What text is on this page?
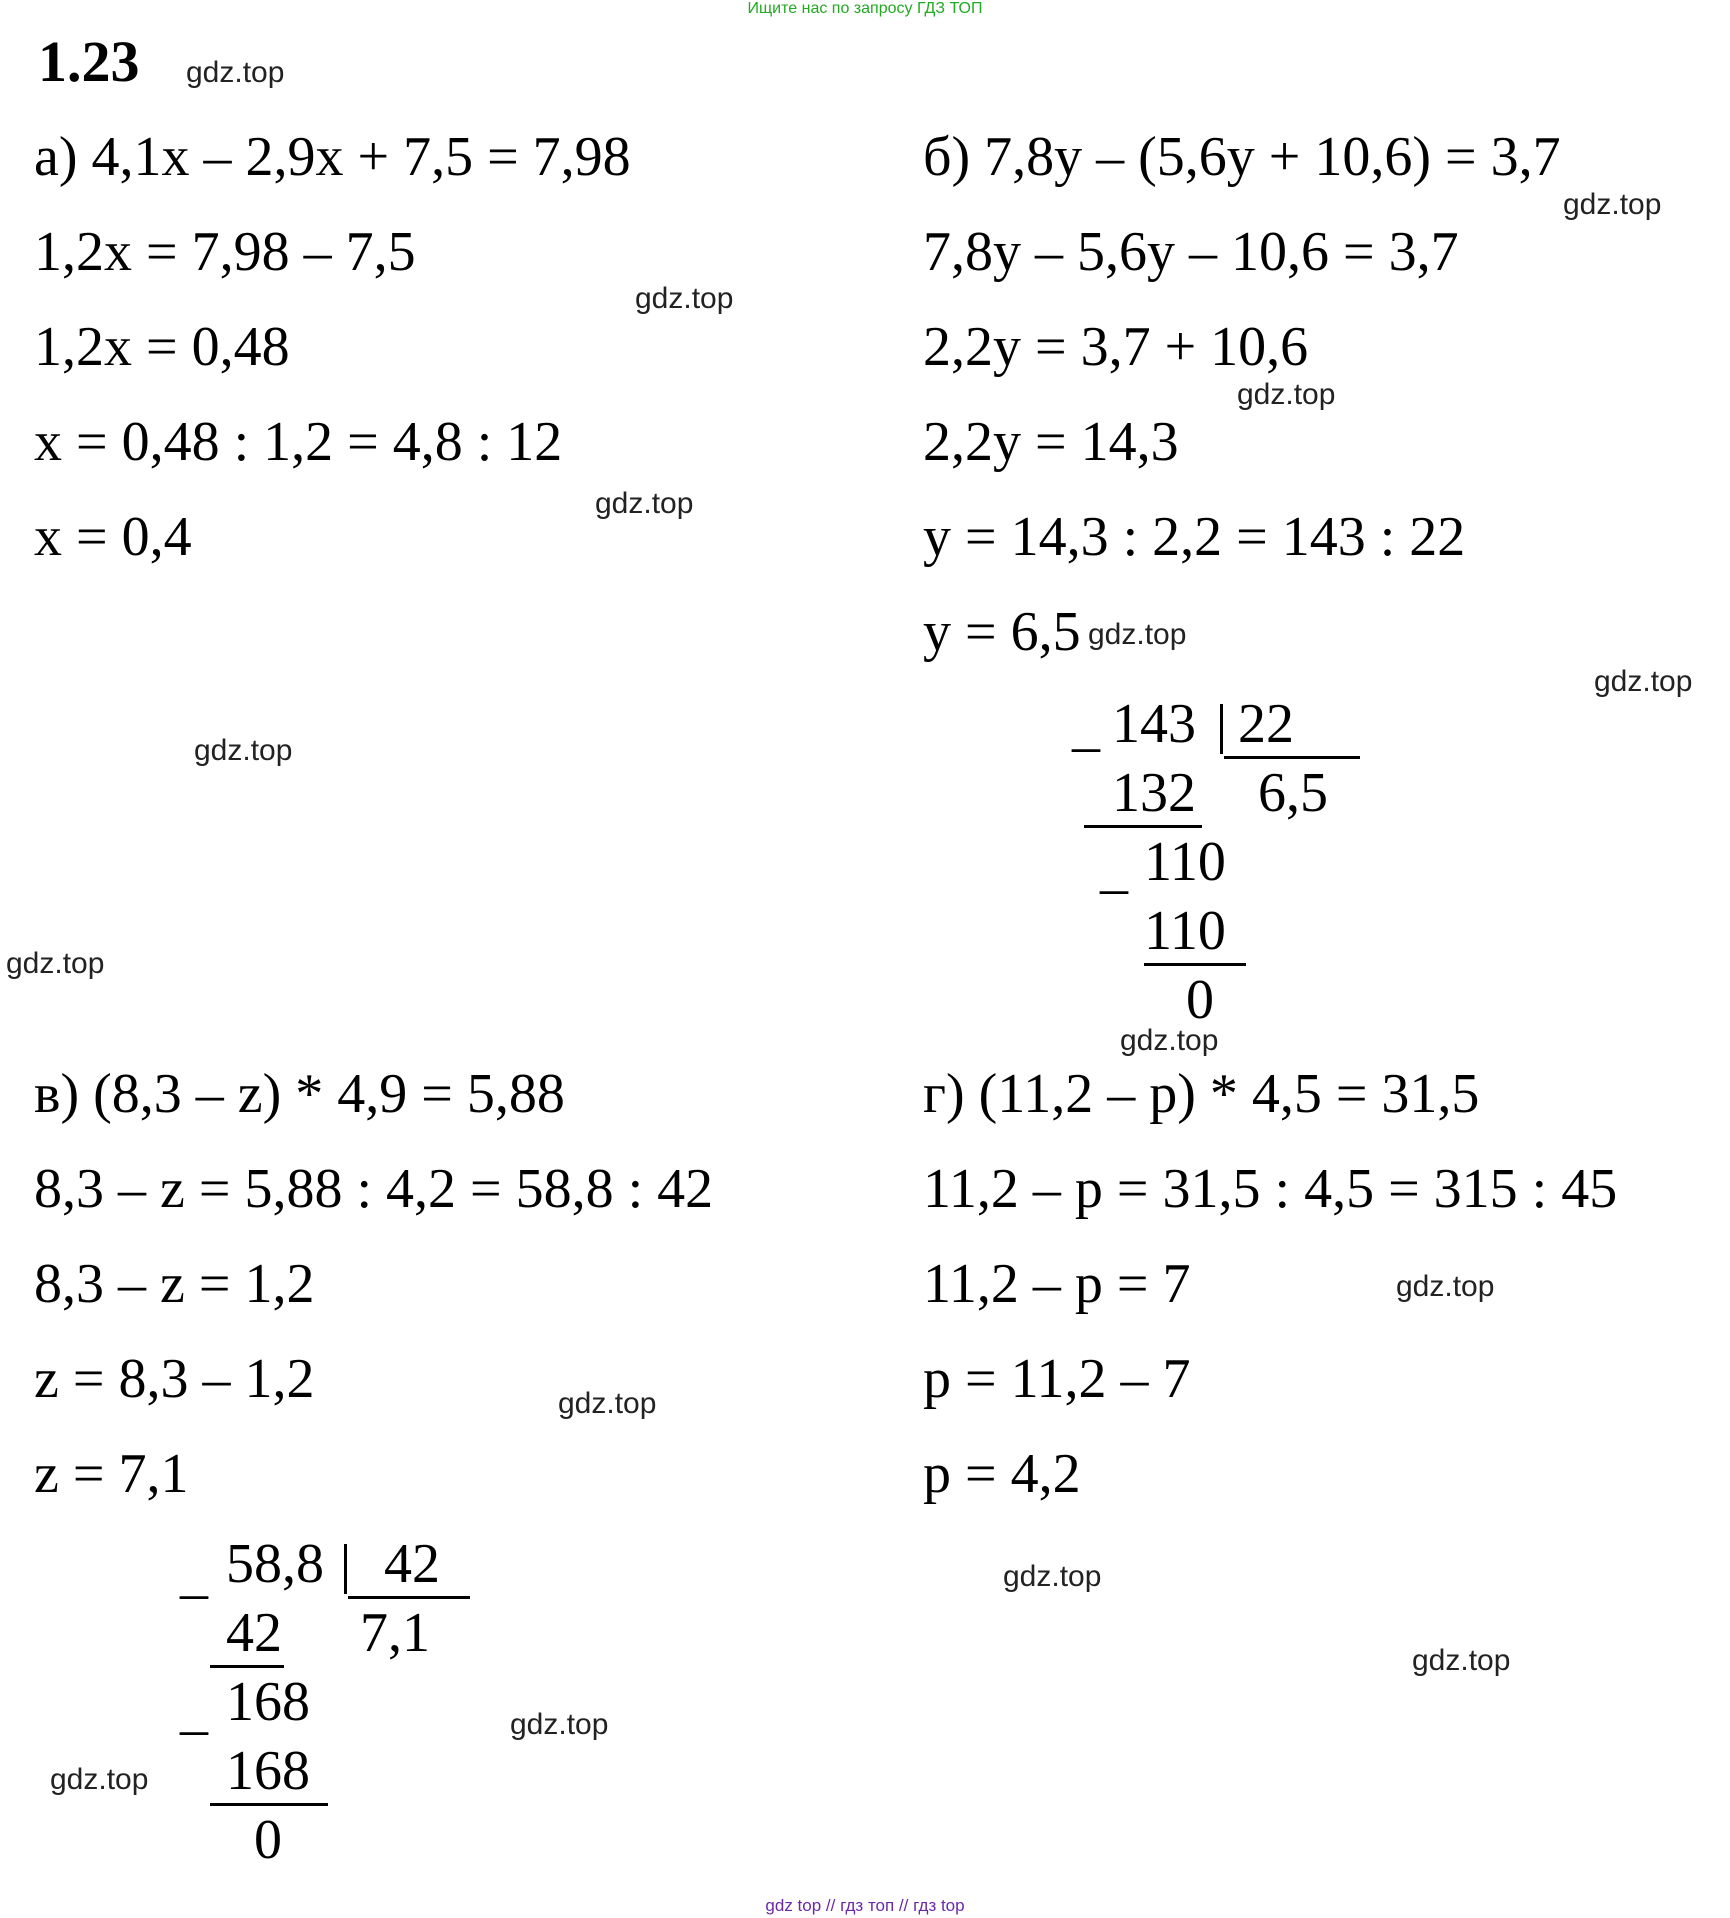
Ищите нас по запросу ГДЗ ТОП
1.23
а) 4,1x – 2,9x + 7,5 = 7,98
1,2x = 7,98 – 7,5
1,2x = 0,48
x = 0,48 : 1,2 = 4,8 : 12
x = 0,4
б) 7,8y – (5,6y + 10,6) = 3,7
7,8y – 5,6y – 10,6 = 3,7
2,2y = 3,7 + 10,6
2,2y = 14,3
y = 14,3 : 2,2 = 143 : 22
y = 6,5
_ 143 22
132 6,5
_ 110
110
0
в) (8,3 – z) * 4,9 = 5,88
8,3 – z = 5,88 : 4,2 = 58,8 : 42
8,3 – z = 1,2
z = 8,3 – 1,2
z = 7,1
_ 58,8	42
42 7,1
_ 168
168
0
г) (11,2 – p) * 4,5 = 31,5
11,2 – p = 31,5 : 4,5 = 315 : 45
11,2 – p = 7
p = 11,2 – 7
p = 4,2
gdz.top
gdz.top
gdz.top
gdz.top
gdz.top
gdz.top
gdz.top
gdz.top
gdz.top
gdz.top
gdz.top
gdz.top
gdz.top
gdz.top
gdz.top
gdz.top
gdz top // гдз топ // гдз top
